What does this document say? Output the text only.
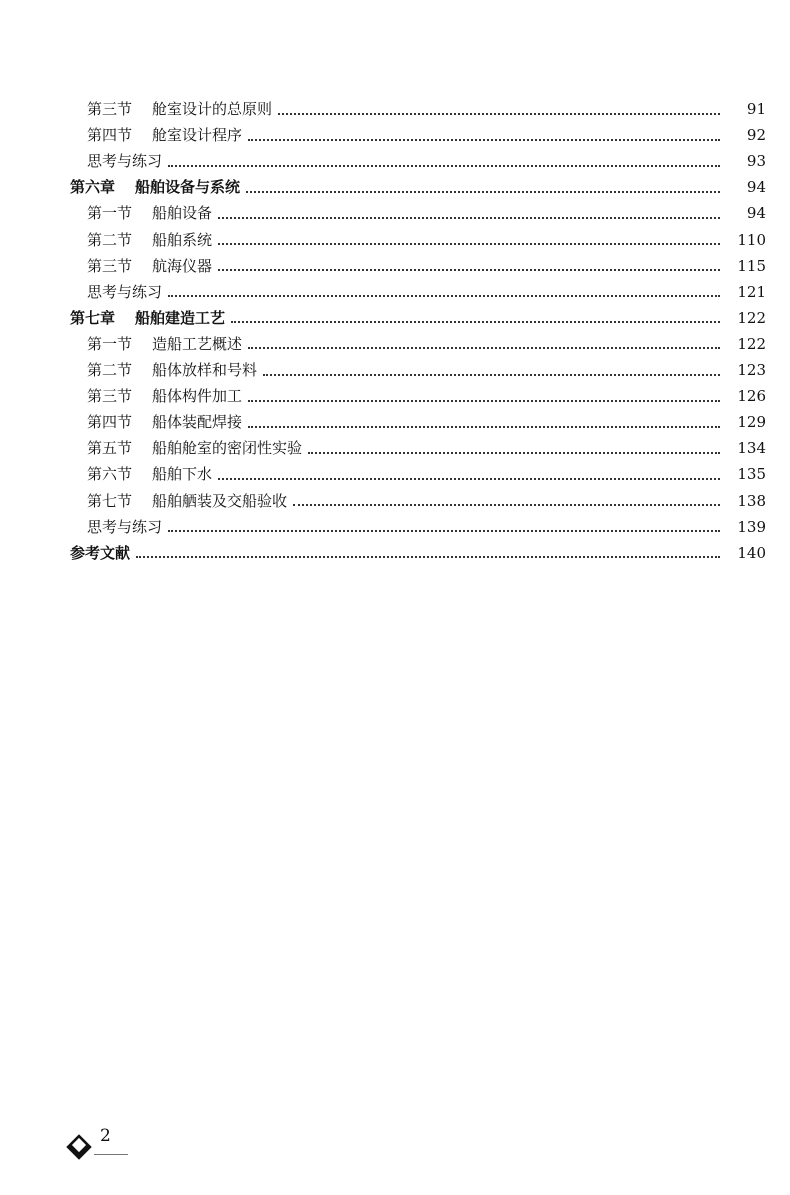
第三节 舱室设计的总原则	91
第四节 舱室设计程序	92
思考与练习	93
第六章 船舶设备与系统	94
第一节 船舶设备	94
第二节 船舶系统	110
第三节 航海仪器	115
思考与练习	121
第七章 船舶建造工艺	122
第一节 造船工艺概述	122
第二节 船体放样和号料	123
第三节 船体构件加工	126
第四节 船体装配焊接	129
第五节 船舶舱室的密闭性实验	134
第六节 船舶下水	135
第七节 船舶舾装及交船验收	138
思考与练习	139
参考文献	140
2
